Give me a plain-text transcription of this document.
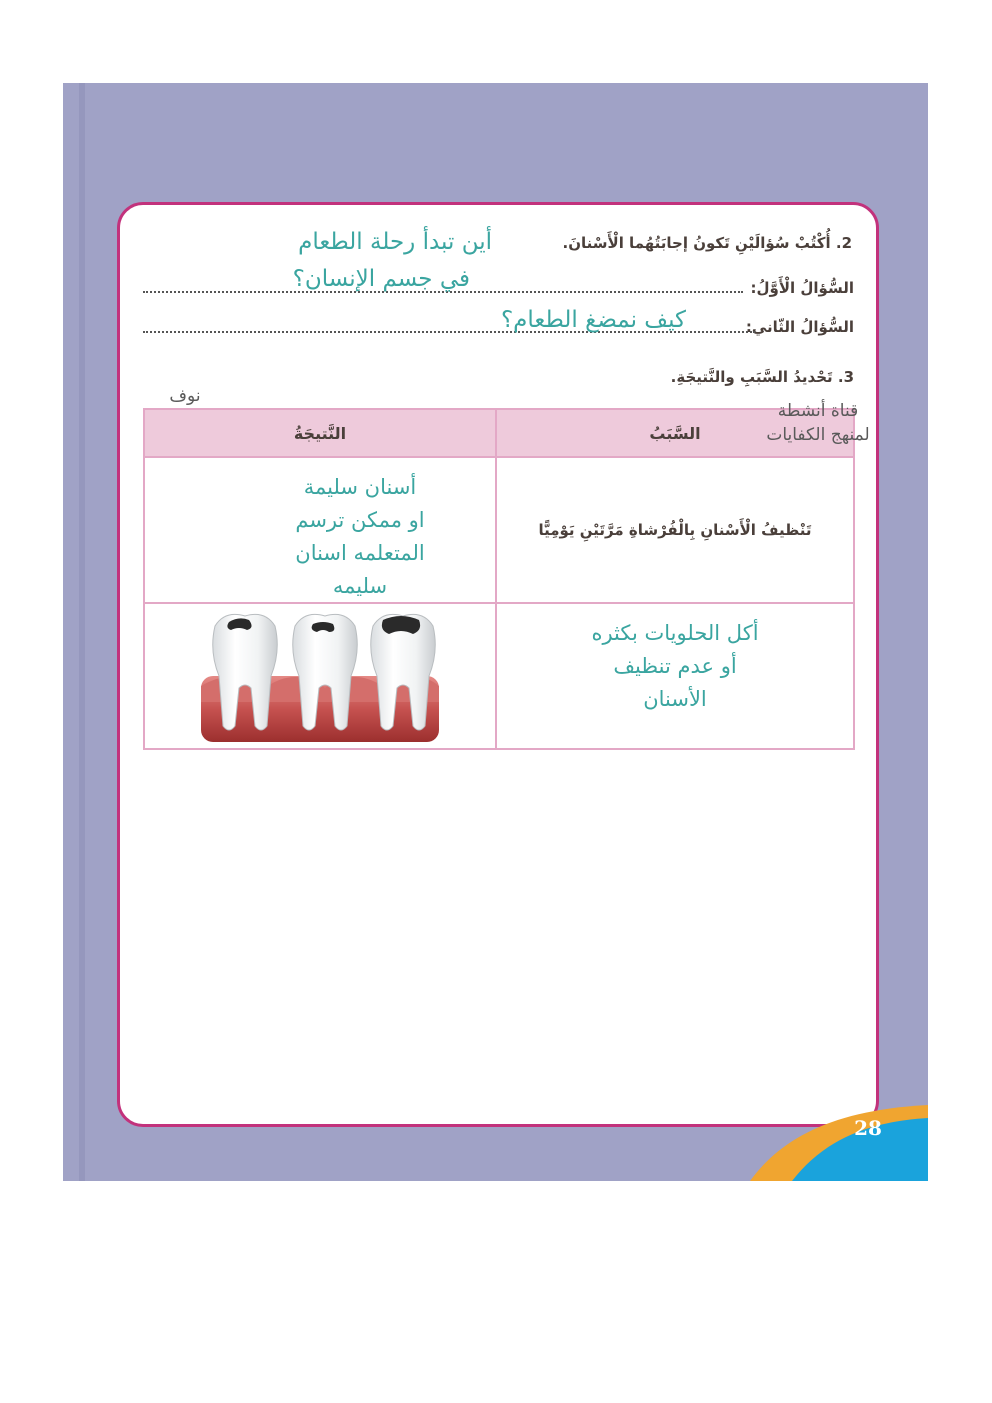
28
2. أُكْتُبْ سُؤالَيْنِ تَكونُ إجابَتُهُما الْأَسْنانَ.
أين تبدأ رحلة الطعام
السُّؤالُ الْأَوَّلُ:
في جسم الإنسان؟
السُّؤالُ الثّاني:
كيف نمضغ الطعام؟
3. تَحْديدُ السَّبَبِ والنَّتيجَةِ.
نوف
السَّبَبُ	النَّتيجَةُ
تَنْظيفُ الْأَسْنانِ بِالْفُرْشاةِ مَرَّتَيْنِ يَوْمِيًّا	أسنان سليمة
او ممكن ترسم
المتعلمه اسنان
سليمه

أكل الحلويات بكثره
أو عدم تنظيف
الأسنان

قناة أنشطة
لمنهج الكفايات
